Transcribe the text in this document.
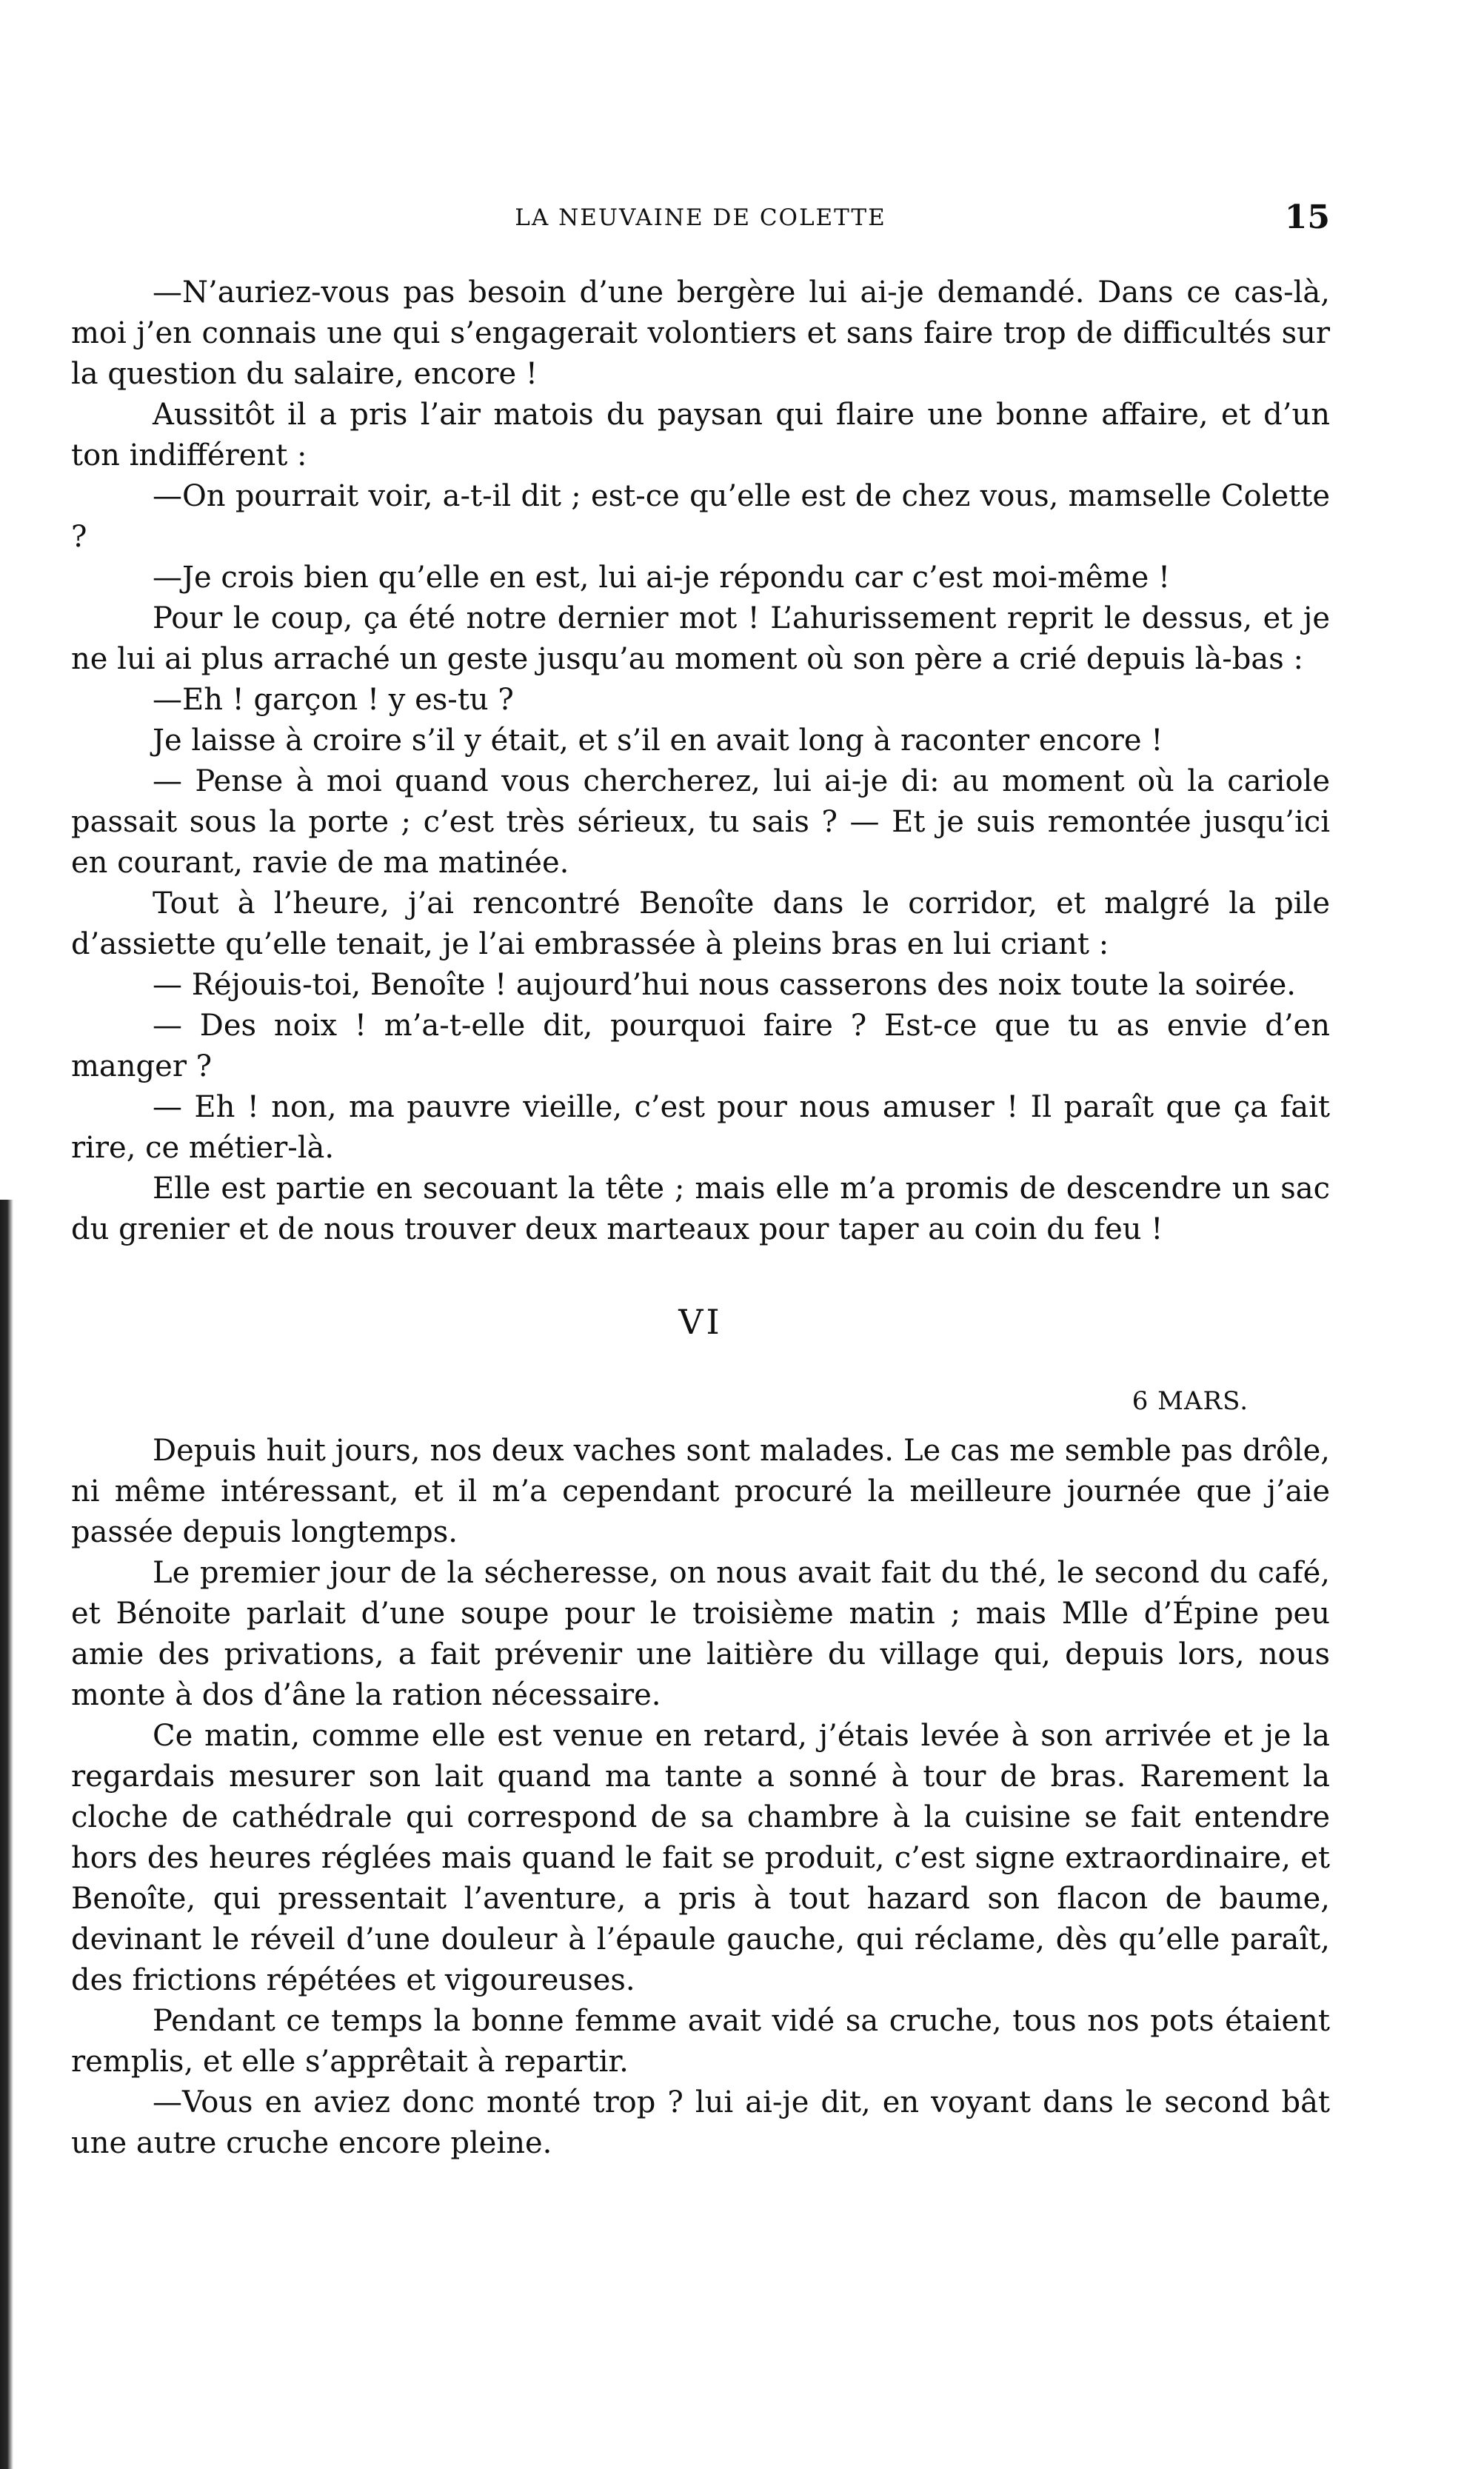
LA NEUVAINE DE COLETTE	15

—N’auriez-vous pas besoin d’une bergère lui ai-je demandé. Dans ce cas-là, moi j’en connais une qui s’engagerait volontiers et sans faire trop de difficultés sur la question du salaire, encore !

Aussitôt il a pris l’air matois du paysan qui flaire une bonne affaire, et d’un ton indifférent :

—On pourrait voir, a-t-il dit ; est-ce qu’elle est de chez vous, mamselle Colette ?

—Je crois bien qu’elle en est, lui ai-je répondu car c’est moi-même !

Pour le coup, ça été notre dernier mot ! L’ahurissement reprit le dessus, et je ne lui ai plus arraché un geste jusqu’au moment où son père a crié depuis là-bas :

—Eh ! garçon ! y es-tu ?

Je laisse à croire s’il y était, et s’il en avait long à raconter encore !

— Pense à moi quand vous chercherez, lui ai-je di: au moment où la cariole passait sous la porte ; c’est très sérieux, tu sais ? — Et je suis remontée jusqu’ici en courant, ravie de ma matinée.

Tout à l’heure, j’ai rencontré Benoîte dans le corridor, et malgré la pile d’assiette qu’elle tenait, je l’ai embrassée à pleins bras en lui criant :

— Réjouis-toi, Benoîte ! aujourd’hui nous casserons des noix toute la soirée.

— Des noix ! m’a-t-elle dit, pourquoi faire ? Est-ce que tu as envie d’en manger ?

— Eh ! non, ma pauvre vieille, c’est pour nous amuser ! Il paraît que ça fait rire, ce métier-là.

Elle est partie en secouant la tête ; mais elle m’a promis de descendre un sac du grenier et de nous trouver deux marteaux pour taper au coin du feu !

VI
6 MARS.

Depuis huit jours, nos deux vaches sont malades. Le cas me semble pas drôle, ni même intéressant, et il m’a cependant procuré la meilleure journée que j’aie passée depuis longtemps.

Le premier jour de la sécheresse, on nous avait fait du thé, le second du café, et Bénoite parlait d’une soupe pour le troisième matin ; mais Mlle d’Épine peu amie des privations, a fait prévenir une laitière du village qui, depuis lors, nous monte à dos d’âne la ration nécessaire.

Ce matin, comme elle est venue en retard, j’étais levée à son arrivée et je la regardais mesurer son lait quand ma tante a sonné à tour de bras. Rarement la cloche de cathédrale qui correspond de sa chambre à la cuisine se fait entendre hors des heures réglées mais quand le fait se produit, c’est signe extraordinaire, et Benoîte, qui pressentait l’aventure, a pris à tout hazard son flacon de baume, devinant le réveil d’une douleur à l’épaule gauche, qui réclame, dès qu’elle paraît, des frictions répétées et vigoureuses.

Pendant ce temps la bonne femme avait vidé sa cruche, tous nos pots étaient remplis, et elle s’apprêtait à repartir.

—Vous en aviez donc monté trop ? lui ai-je dit, en voyant dans le second bât une autre cruche encore pleine.
